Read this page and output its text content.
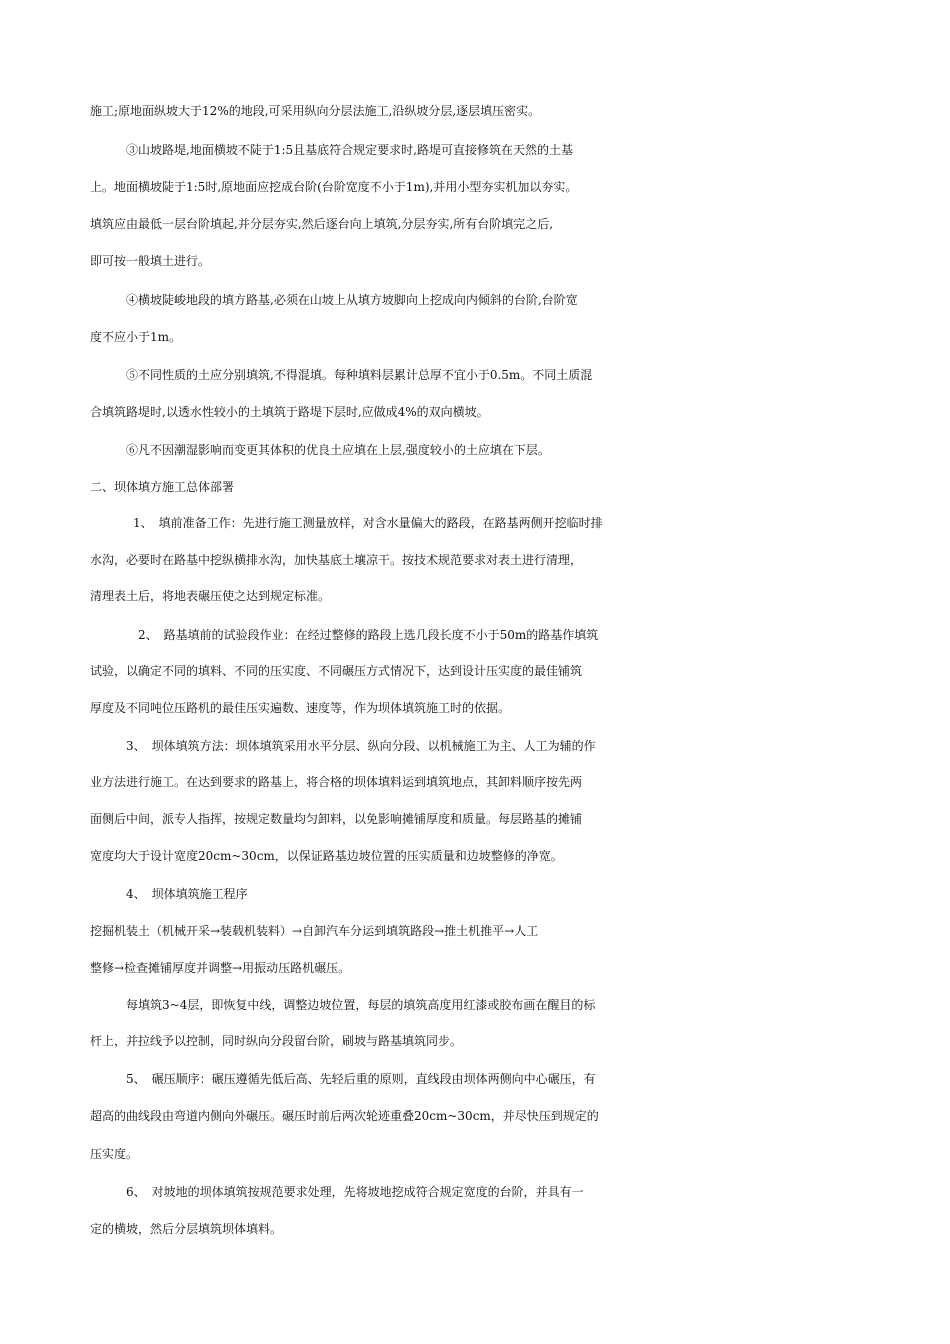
施工;原地面纵坡大于12%的地段,可采用纵向分层法施工,沿纵坡分层,逐层填压密实。
③山坡路堤,地面横坡不陡于1:5且基底符合规定要求时,路堤可直接修筑在天然的土基
上。地面横坡陡于1:5时,原地面应挖成台阶(台阶宽度不小于1m),并用小型夯实机加以夯实。
填筑应由最低一层台阶填起,并分层夯实,然后逐台向上填筑,分层夯实,所有台阶填完之后,
即可按一般填土进行。
④横坡陡峻地段的填方路基,必须在山坡上从填方坡脚向上挖成向内倾斜的台阶,台阶宽
度不应小于1m。
⑤不同性质的土应分别填筑,不得混填。每种填料层累计总厚不宜小于0.5m。不同土质混
合填筑路堤时,以透水性较小的土填筑于路堤下层时,应做成4%的双向横坡。
⑥凡不因潮湿影响而变更其体积的优良土应填在上层,强度较小的土应填在下层。
二、坝体填方施工总体部署
1、　填前准备工作：先进行施工测量放样，对含水量偏大的路段，在路基两侧开挖临时排
水沟，必要时在路基中挖纵横排水沟，加快基底土壤凉干。按技术规范要求对表土进行清理，
清理表土后，将地表碾压使之达到规定标准。
2、　路基填前的试验段作业：在经过整修的路段上选几段长度不小于50m的路基作填筑
试验，以确定不同的填料、不同的压实度、不同碾压方式情况下，达到设计压实度的最佳铺筑
厚度及不同吨位压路机的最佳压实遍数、速度等，作为坝体填筑施工时的依据。
3、　坝体填筑方法：坝体填筑采用水平分层、纵向分段、以机械施工为主、人工为辅的作
业方法进行施工。在达到要求的路基上，将合格的坝体填料运到填筑地点，其卸料顺序按先两
面侧后中间，派专人指挥，按规定数量均匀卸料，以免影响摊铺厚度和质量。每层路基的摊铺
宽度均大于设计宽度20cm~30cm，以保证路基边坡位置的压实质量和边坡整修的净宽。
4、　坝体填筑施工程序
挖掘机装土（机械开采→装载机装料）→自卸汽车分运到填筑路段→推土机推平→人工
整修→检查摊铺厚度并调整→用振动压路机碾压。
每填筑3~4层，即恢复中线，调整边坡位置，每层的填筑高度用红漆或胶布画在醒目的标
杆上，并拉线予以控制，同时纵向分段留台阶，刷坡与路基填筑同步。
5、　碾压顺序：碾压遵循先低后高、先轻后重的原则，直线段由坝体两侧向中心碾压，有
超高的曲线段由弯道内侧向外碾压。碾压时前后两次轮迹重叠20cm~30cm，并尽快压到规定的
压实度。
6、　对坡地的坝体填筑按规范要求处理，先将坡地挖成符合规定宽度的台阶，并具有一
定的横坡，然后分层填筑坝体填料。
